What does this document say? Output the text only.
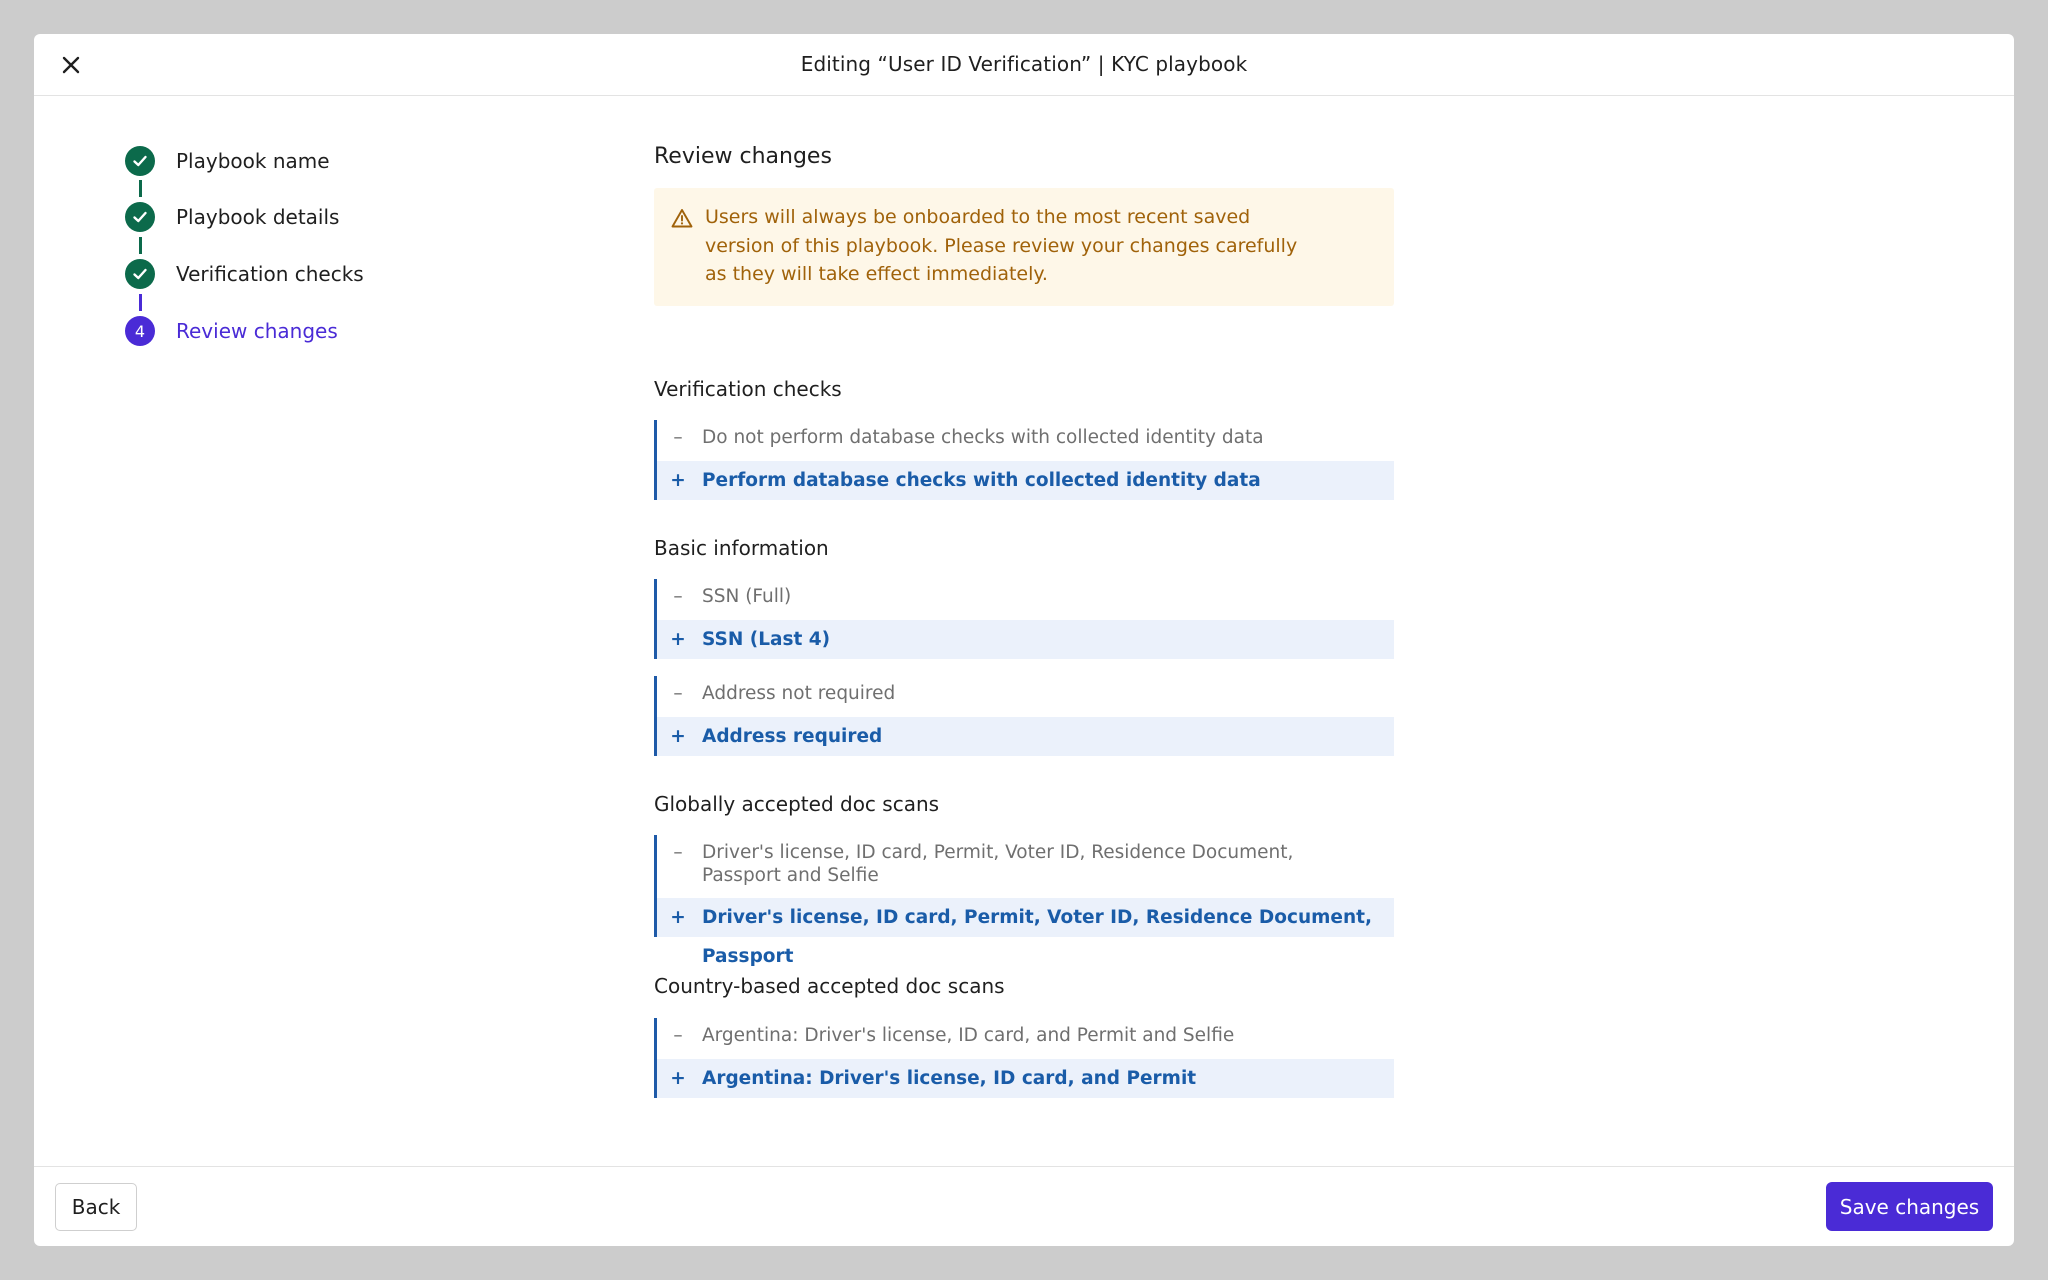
Editing “User ID Verification” | KYC playbook
Playbook name
Playbook details
Verification checks
4	Review changes
Review changes
Users will always be onboarded to the most recent saved version of this playbook. Please review your changes carefully as they will take effect immediately.
Verification checks
– Do not perform database checks with collected identity data
+ Perform database checks with collected identity data
Basic information
– SSN (Full)
+ SSN (Last 4)
– Address not required
+ Address required
Globally accepted doc scans
– Driver's license, ID card, Permit, Voter ID, Residence Document, Passport and Selfie
+ Driver's license, ID card, Permit, Voter ID, Residence Document, Passport
Country-based accepted doc scans
– Argentina: Driver's license, ID card, and Permit and Selfie
+ Argentina: Driver's license, ID card, and Permit
Back	Save changes
